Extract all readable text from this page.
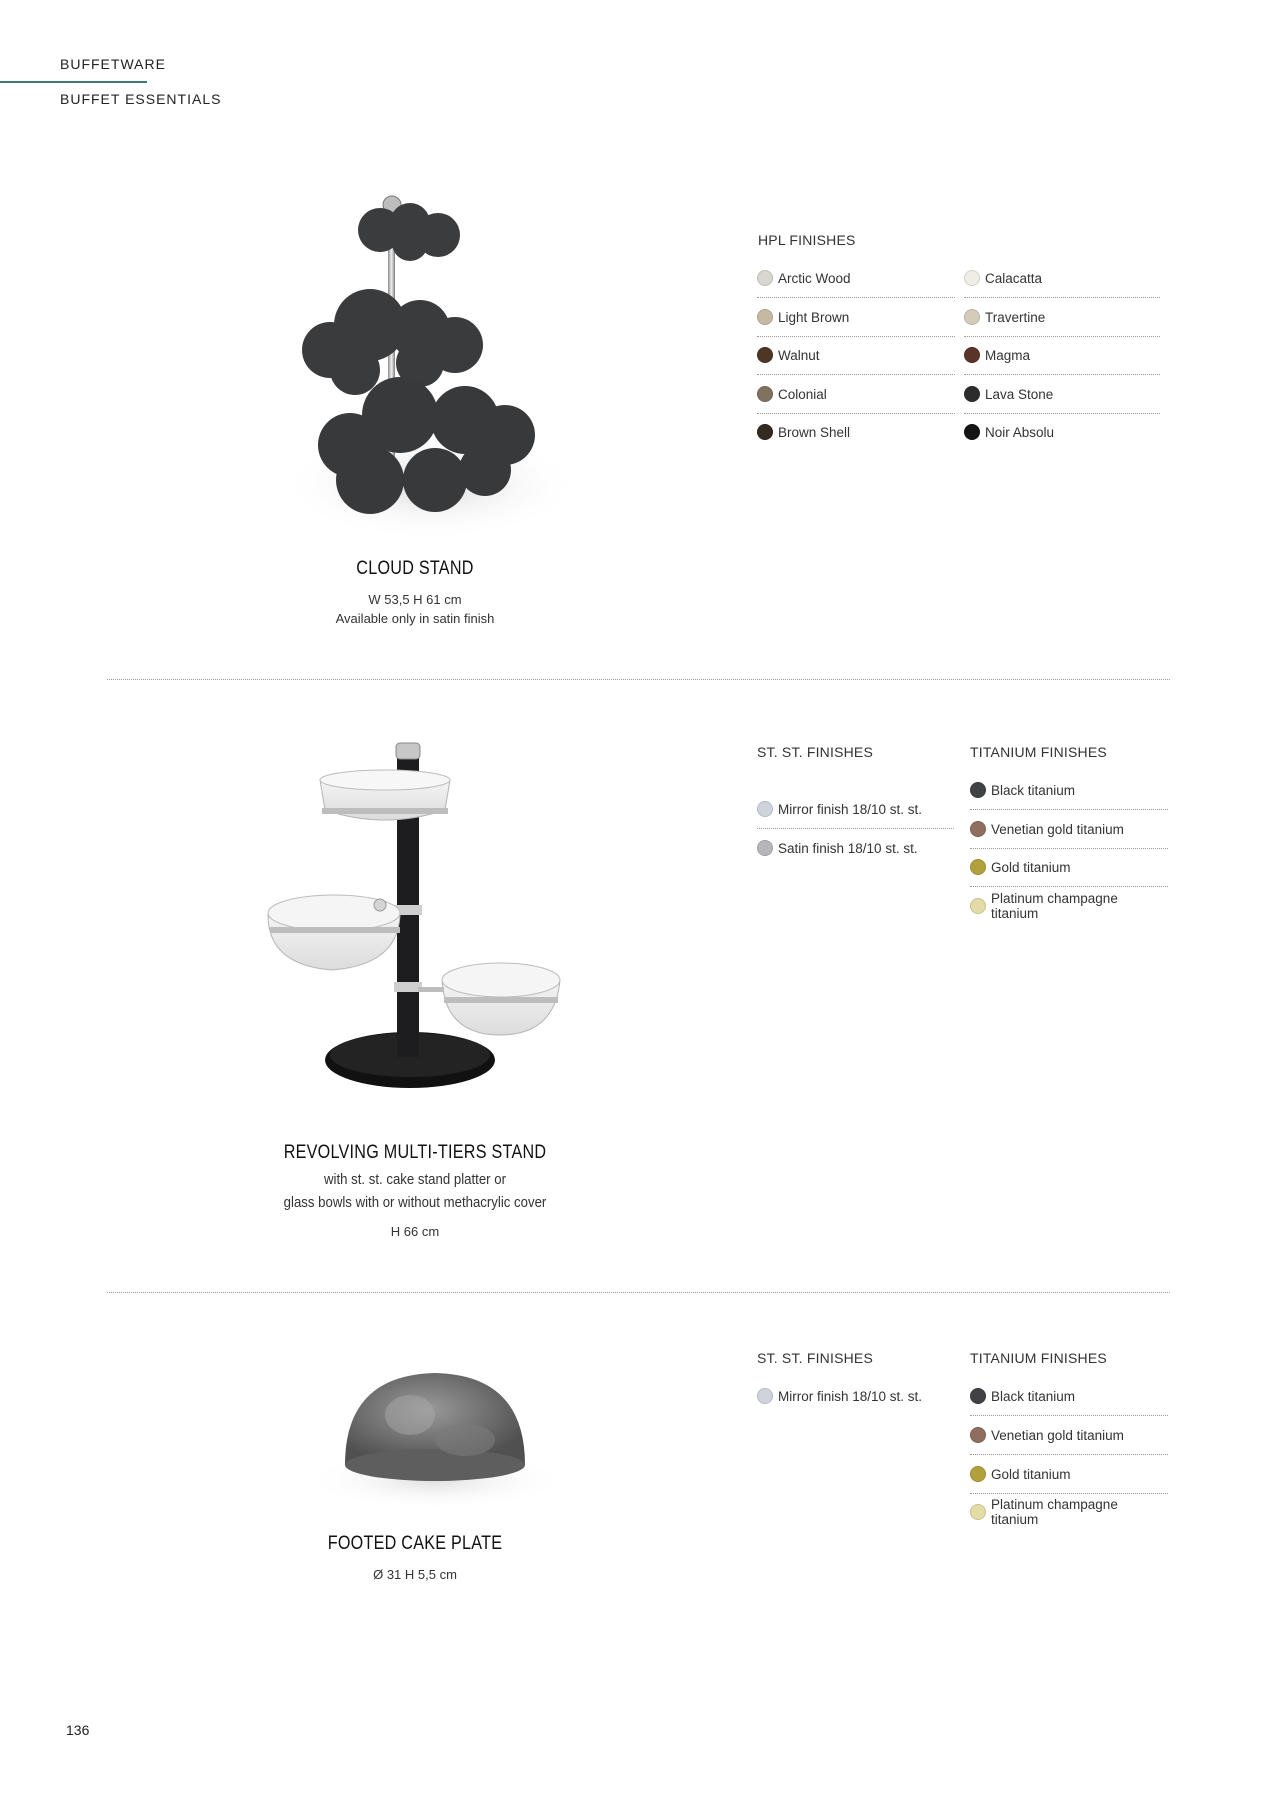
BUFFETWARE
BUFFET ESSENTIALS
CLOUD STAND
W 53,5 H 61 cm
Available only in satin finish
HPL FINISHES
Arctic Wood
Light Brown
Walnut
Colonial
Brown Shell
Calacatta
Travertine
Magma
Lava Stone
Noir Absolu
REVOLVING MULTI-TIERS STAND
with st. st. cake stand platter or
glass bowls with or without methacrylic cover
H 66 cm
ST. ST. FINISHES
Mirror finish 18/10 st. st.
Satin finish 18/10 st. st.
TITANIUM FINISHES
Black titanium
Venetian gold titanium
Gold titanium
Platinum champagne titanium
FOOTED CAKE PLATE
Ø 31 H 5,5 cm
ST. ST. FINISHES
Mirror finish 18/10 st. st.
TITANIUM FINISHES
Black titanium
Venetian gold titanium
Gold titanium
Platinum champagne titanium
136
